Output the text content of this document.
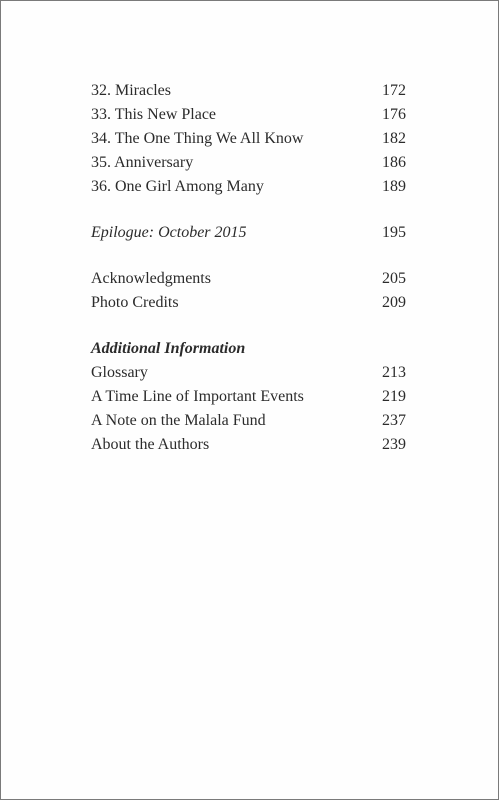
32. Miracles	172
33. This New Place	176
34. The One Thing We All Know	182
35. Anniversary	186
36. One Girl Among Many	189
Epilogue: October 2015	195
Acknowledgments	205
Photo Credits	209
Additional Information
Glossary	213
A Time Line of Important Events	219
A Note on the Malala Fund	237
About the Authors	239
